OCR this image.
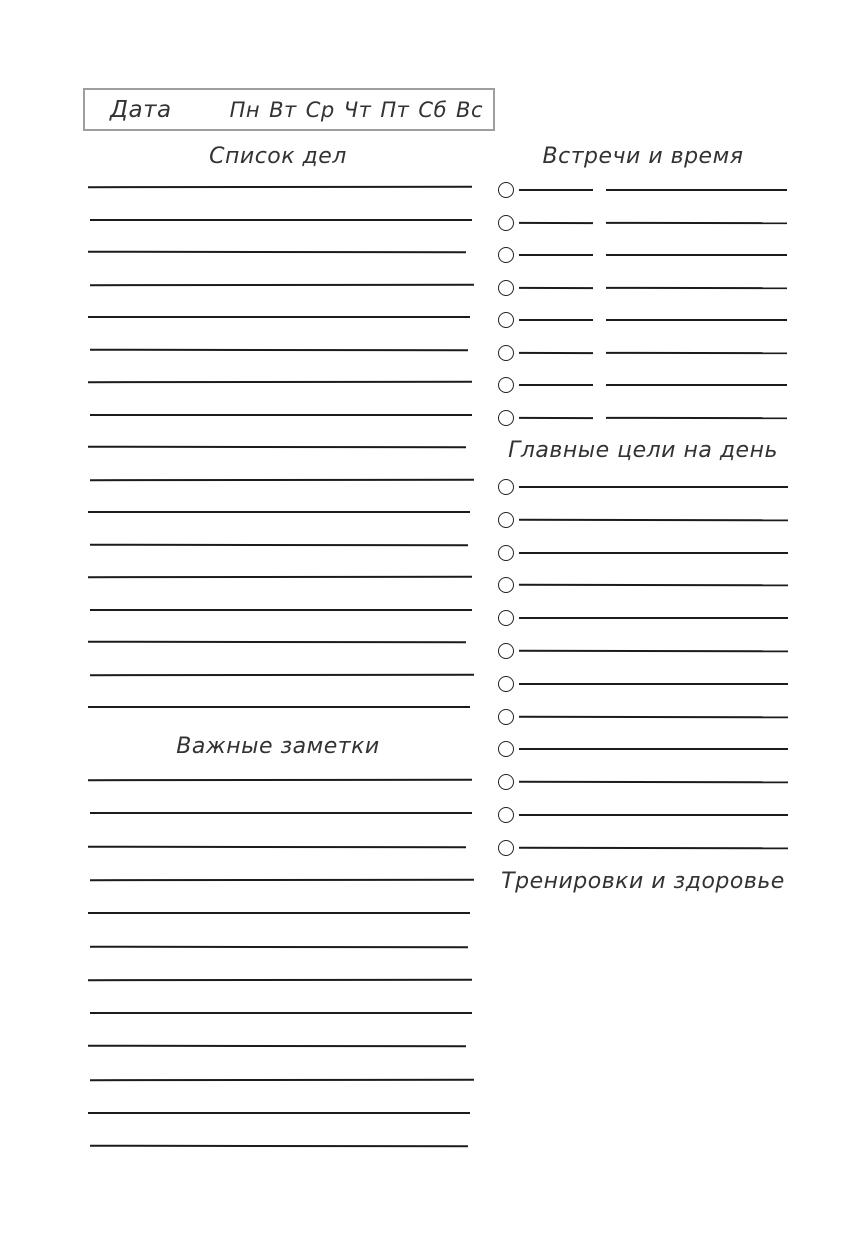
Дата	Пн Вт Ср Чт Пт Сб Вс
Список дел
Важные заметки
Встречи и время
Главные цели на день
Тренировки и здоровье
